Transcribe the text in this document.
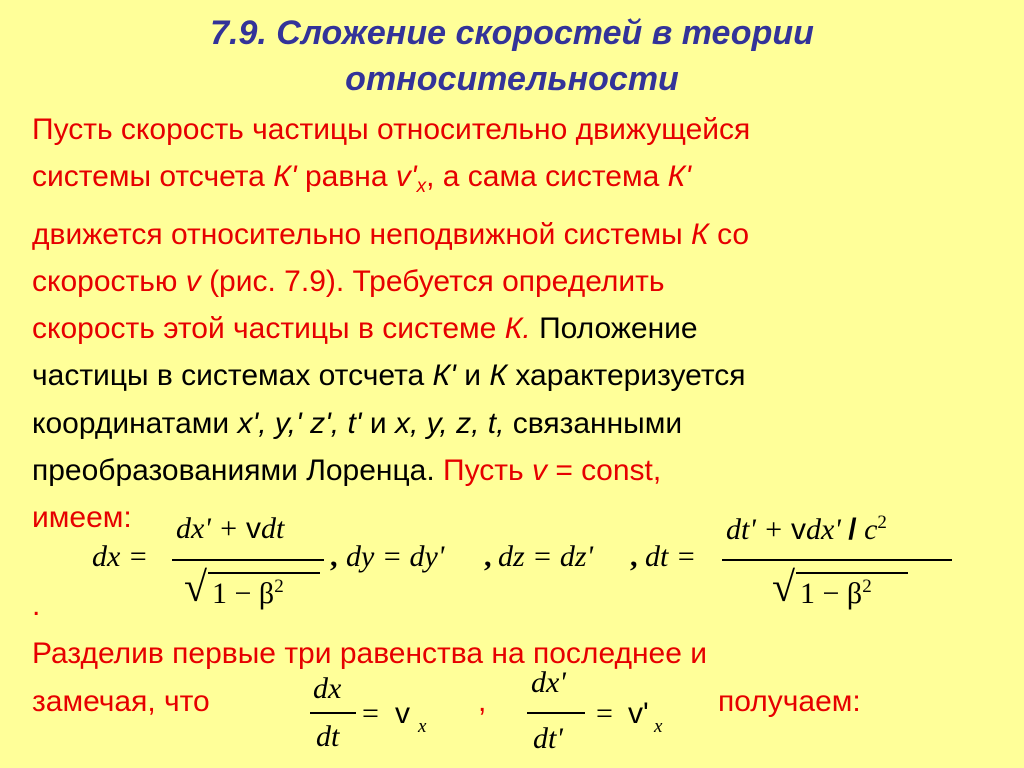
7.9. Сложение скоростей в теории
относительности
Пусть скорость частицы относительно движущейся
системы отсчета К' равна $v'_x$, а сама система К'
движется относительно неподвижной системы К со
скоростью v (рис. 7.9). Требуется определить
скорость этой частицы в системе К. Положение
частицы в системах отсчета К' и К характеризуется
координатами x', y,' z', t' и x, y, z, t, связанными
преобразованиями Лоренца. Пусть v = const,
имеем:
dx =
dx' + vdt
√ $1 - \beta^2$
, dy = dy' , dz = dz' , dt =
$dt' + vdx' / c^2$
√ $1 - \beta^2$
.
Разделив первые три равенства на последнее и
замечая, что	,	получаем:
dx
dt
= v x
dx'
dt'
= v' x
